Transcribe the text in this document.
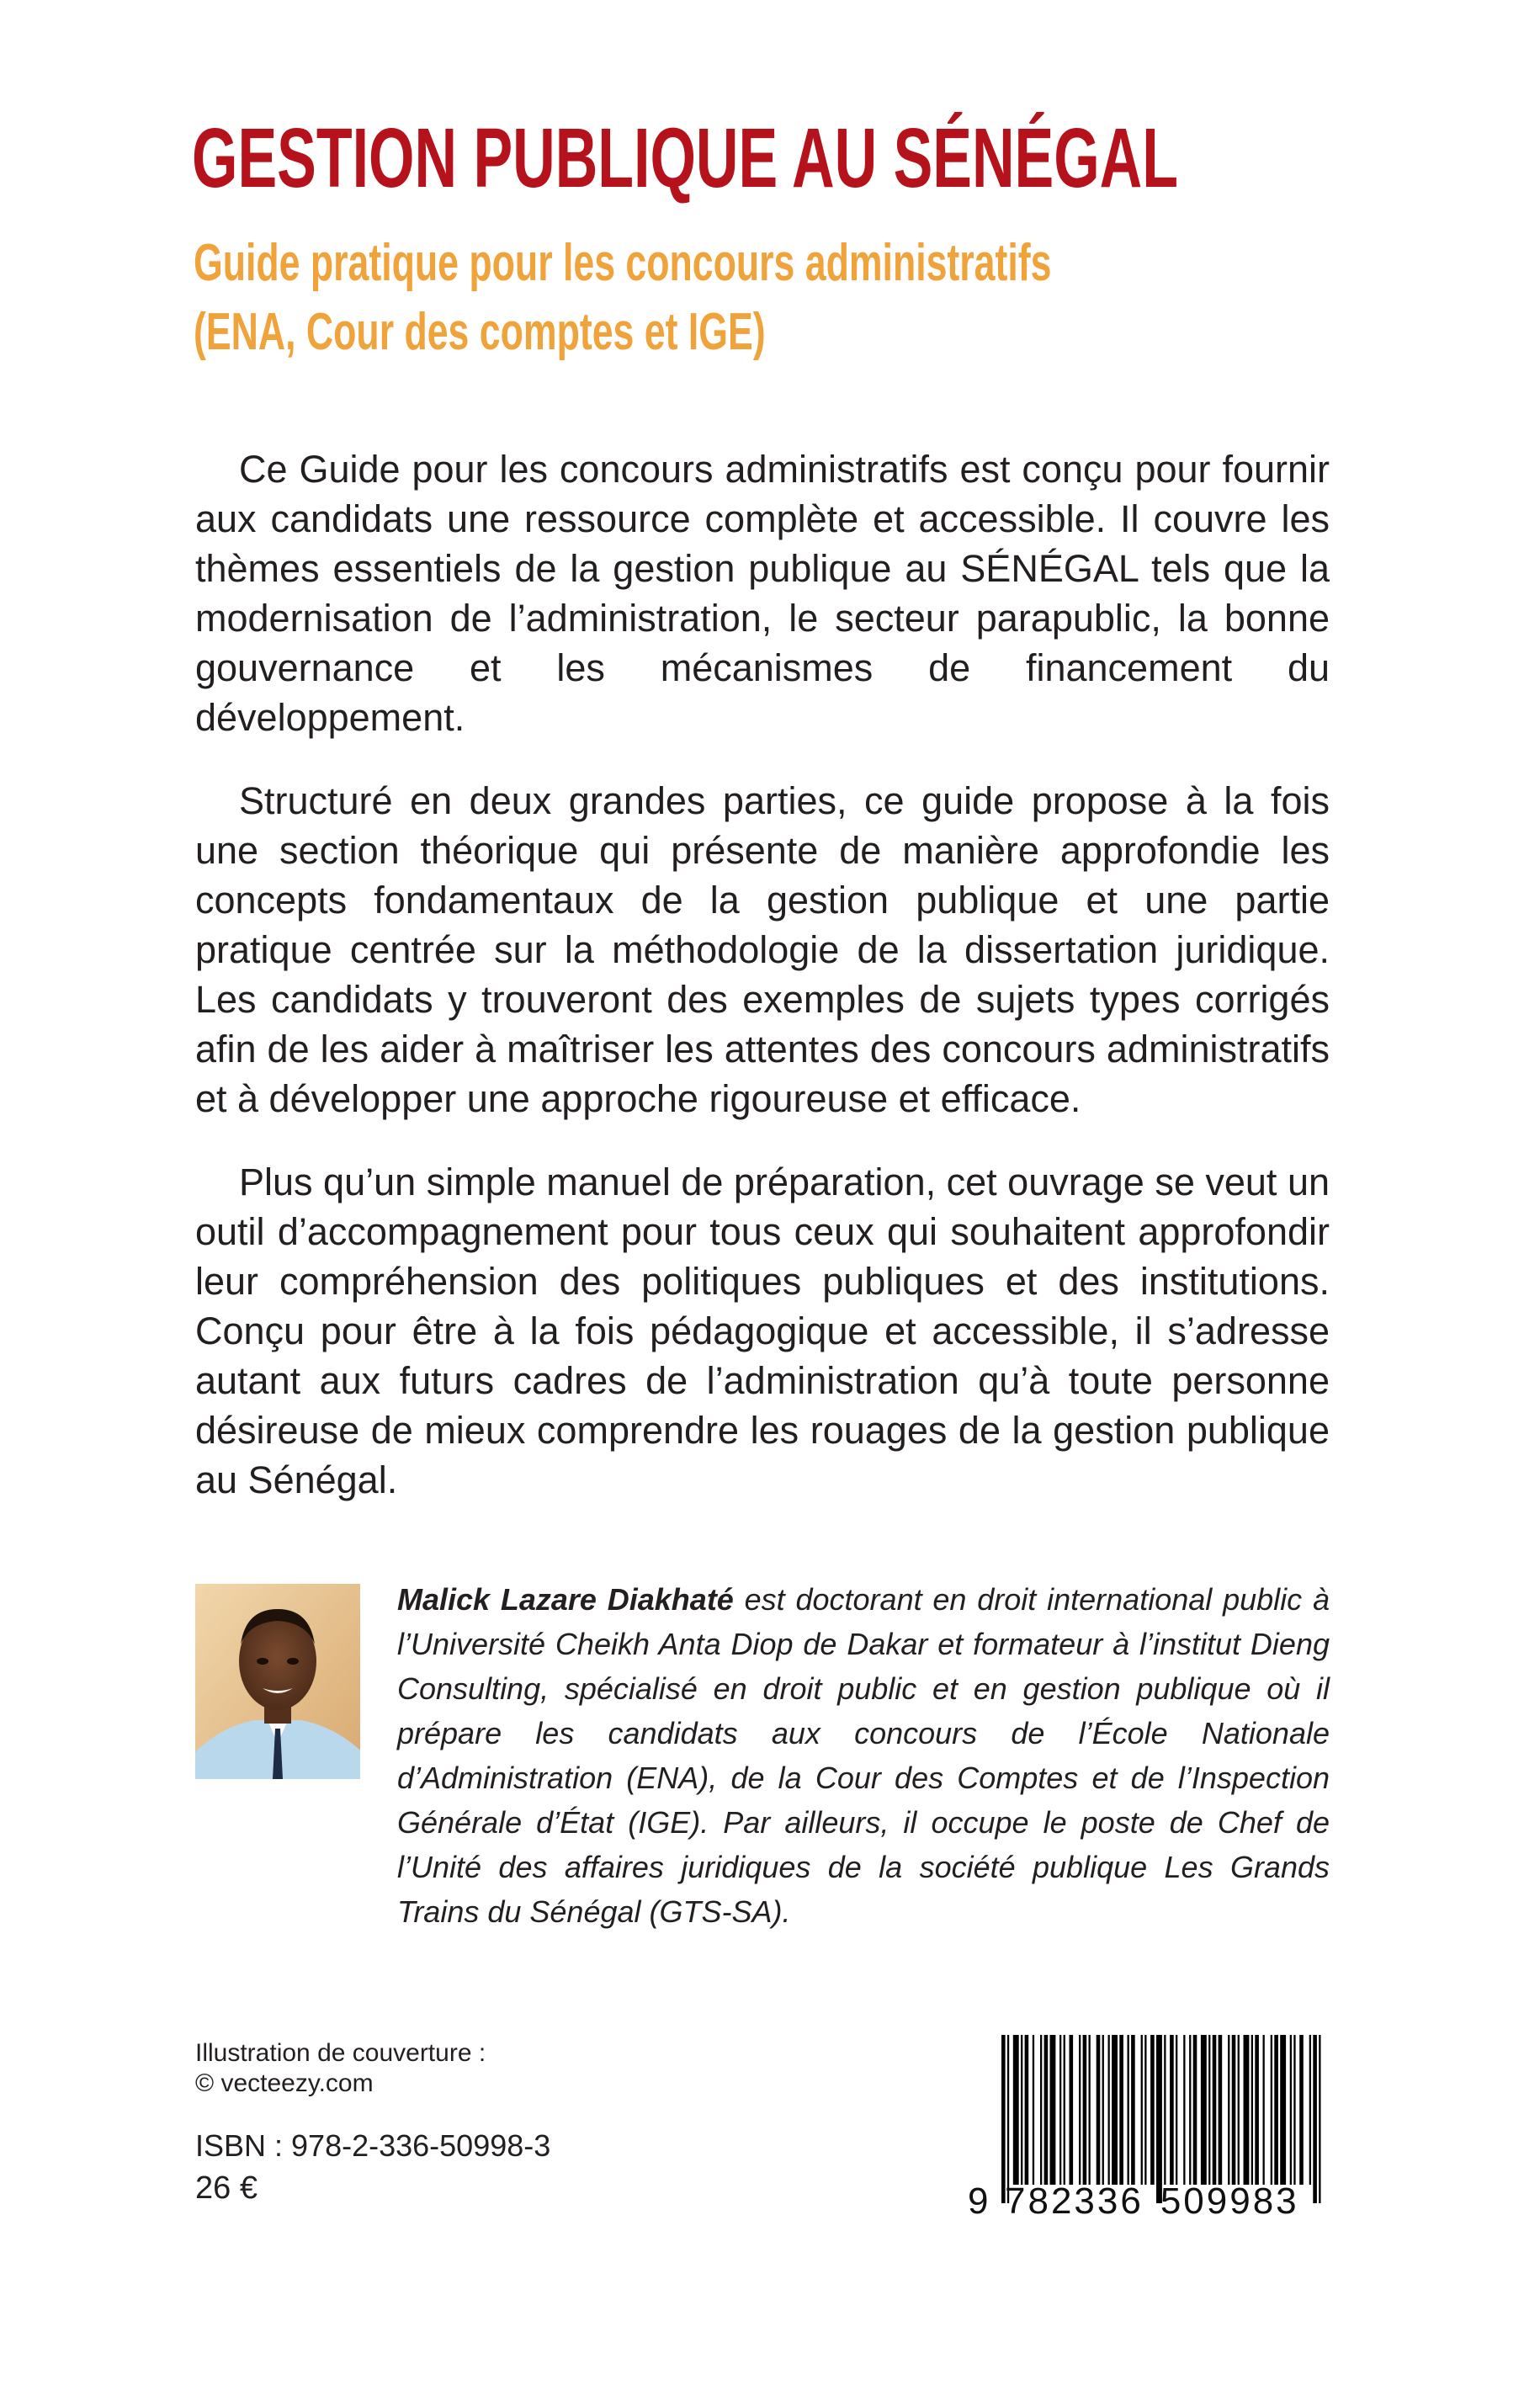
GESTION PUBLIQUE AU SÉNÉGAL
Guide pratique pour les concours administratifs
(ENA, Cour des comptes et IGE)

Ce Guide pour les concours administratifs est conçu pour fournir aux candidats une ressource complète et accessible. Il couvre les thèmes essentiels de la gestion publique au SÉNÉGAL tels que la modernisation de l’administration, le secteur parapublic, la bonne gouvernance et les mécanismes de financement du développement.

Structuré en deux grandes parties, ce guide propose à la fois une section théorique qui présente de manière approfondie les concepts fondamentaux de la gestion publique et une partie pratique centrée sur la méthodologie de la dissertation juridique. Les candidats y trouveront des exemples de sujets types corrigés afin de les aider à maîtriser les attentes des concours administratifs et à développer une approche rigoureuse et efficace.

Plus qu’un simple manuel de préparation, cet ouvrage se veut un outil d’accompagnement pour tous ceux qui souhaitent approfondir leur compréhension des politiques publiques et des institutions. Conçu pour être à la fois pédagogique et accessible, il s’adresse autant aux futurs cadres de l’administration qu’à toute personne désireuse de mieux comprendre les rouages de la gestion publique au Sénégal.

Malick Lazare Diakhaté est doctorant en droit international public à l’Université Cheikh Anta Diop de Dakar et formateur à l’institut Dieng Consulting, spécialisé en droit public et en gestion publique où il prépare les candidats aux concours de l’École Nationale d’Administration (ENA), de la Cour des Comptes et de l’Inspection Générale d’État (IGE). Par ailleurs, il occupe le poste de Chef de l’Unité des affaires juridiques de la société publique Les Grands Trains du Sénégal (GTS-SA).

Illustration de couverture :
© vecteezy.com
ISBN : 978-2-336-50998-3
26 €	9 782336 509983
